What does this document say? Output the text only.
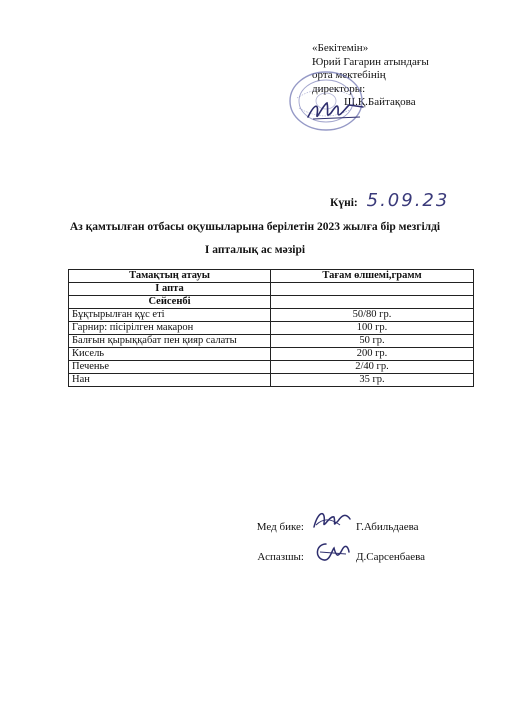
«Бекітемін»
Юрий Гагарин атындағы
орта мектебінің
директоры:
Ш.Қ.Байтақова
Күні: 5.09.23
Аз қамтылған отбасы оқушыларына берілетін 2023 жылға бір мезгілді
I апталық ас мәзірі
Тамақтың атауы	Тағам өлшемі,грамм
I апта	
Сейсенбі	
Бұқтырылған құс еті	50/80 гр.
Гарнир: пісірілген макарон	100 гр.
Балғын қырыққабат пен қияр салаты	50 гр.
Кисель	200 гр.
Печенье	2/40 гр.
Нан	35 гр.
Мед бике:	Г.Абильдаева
Аспазшы:	Д.Сарсенбаева
